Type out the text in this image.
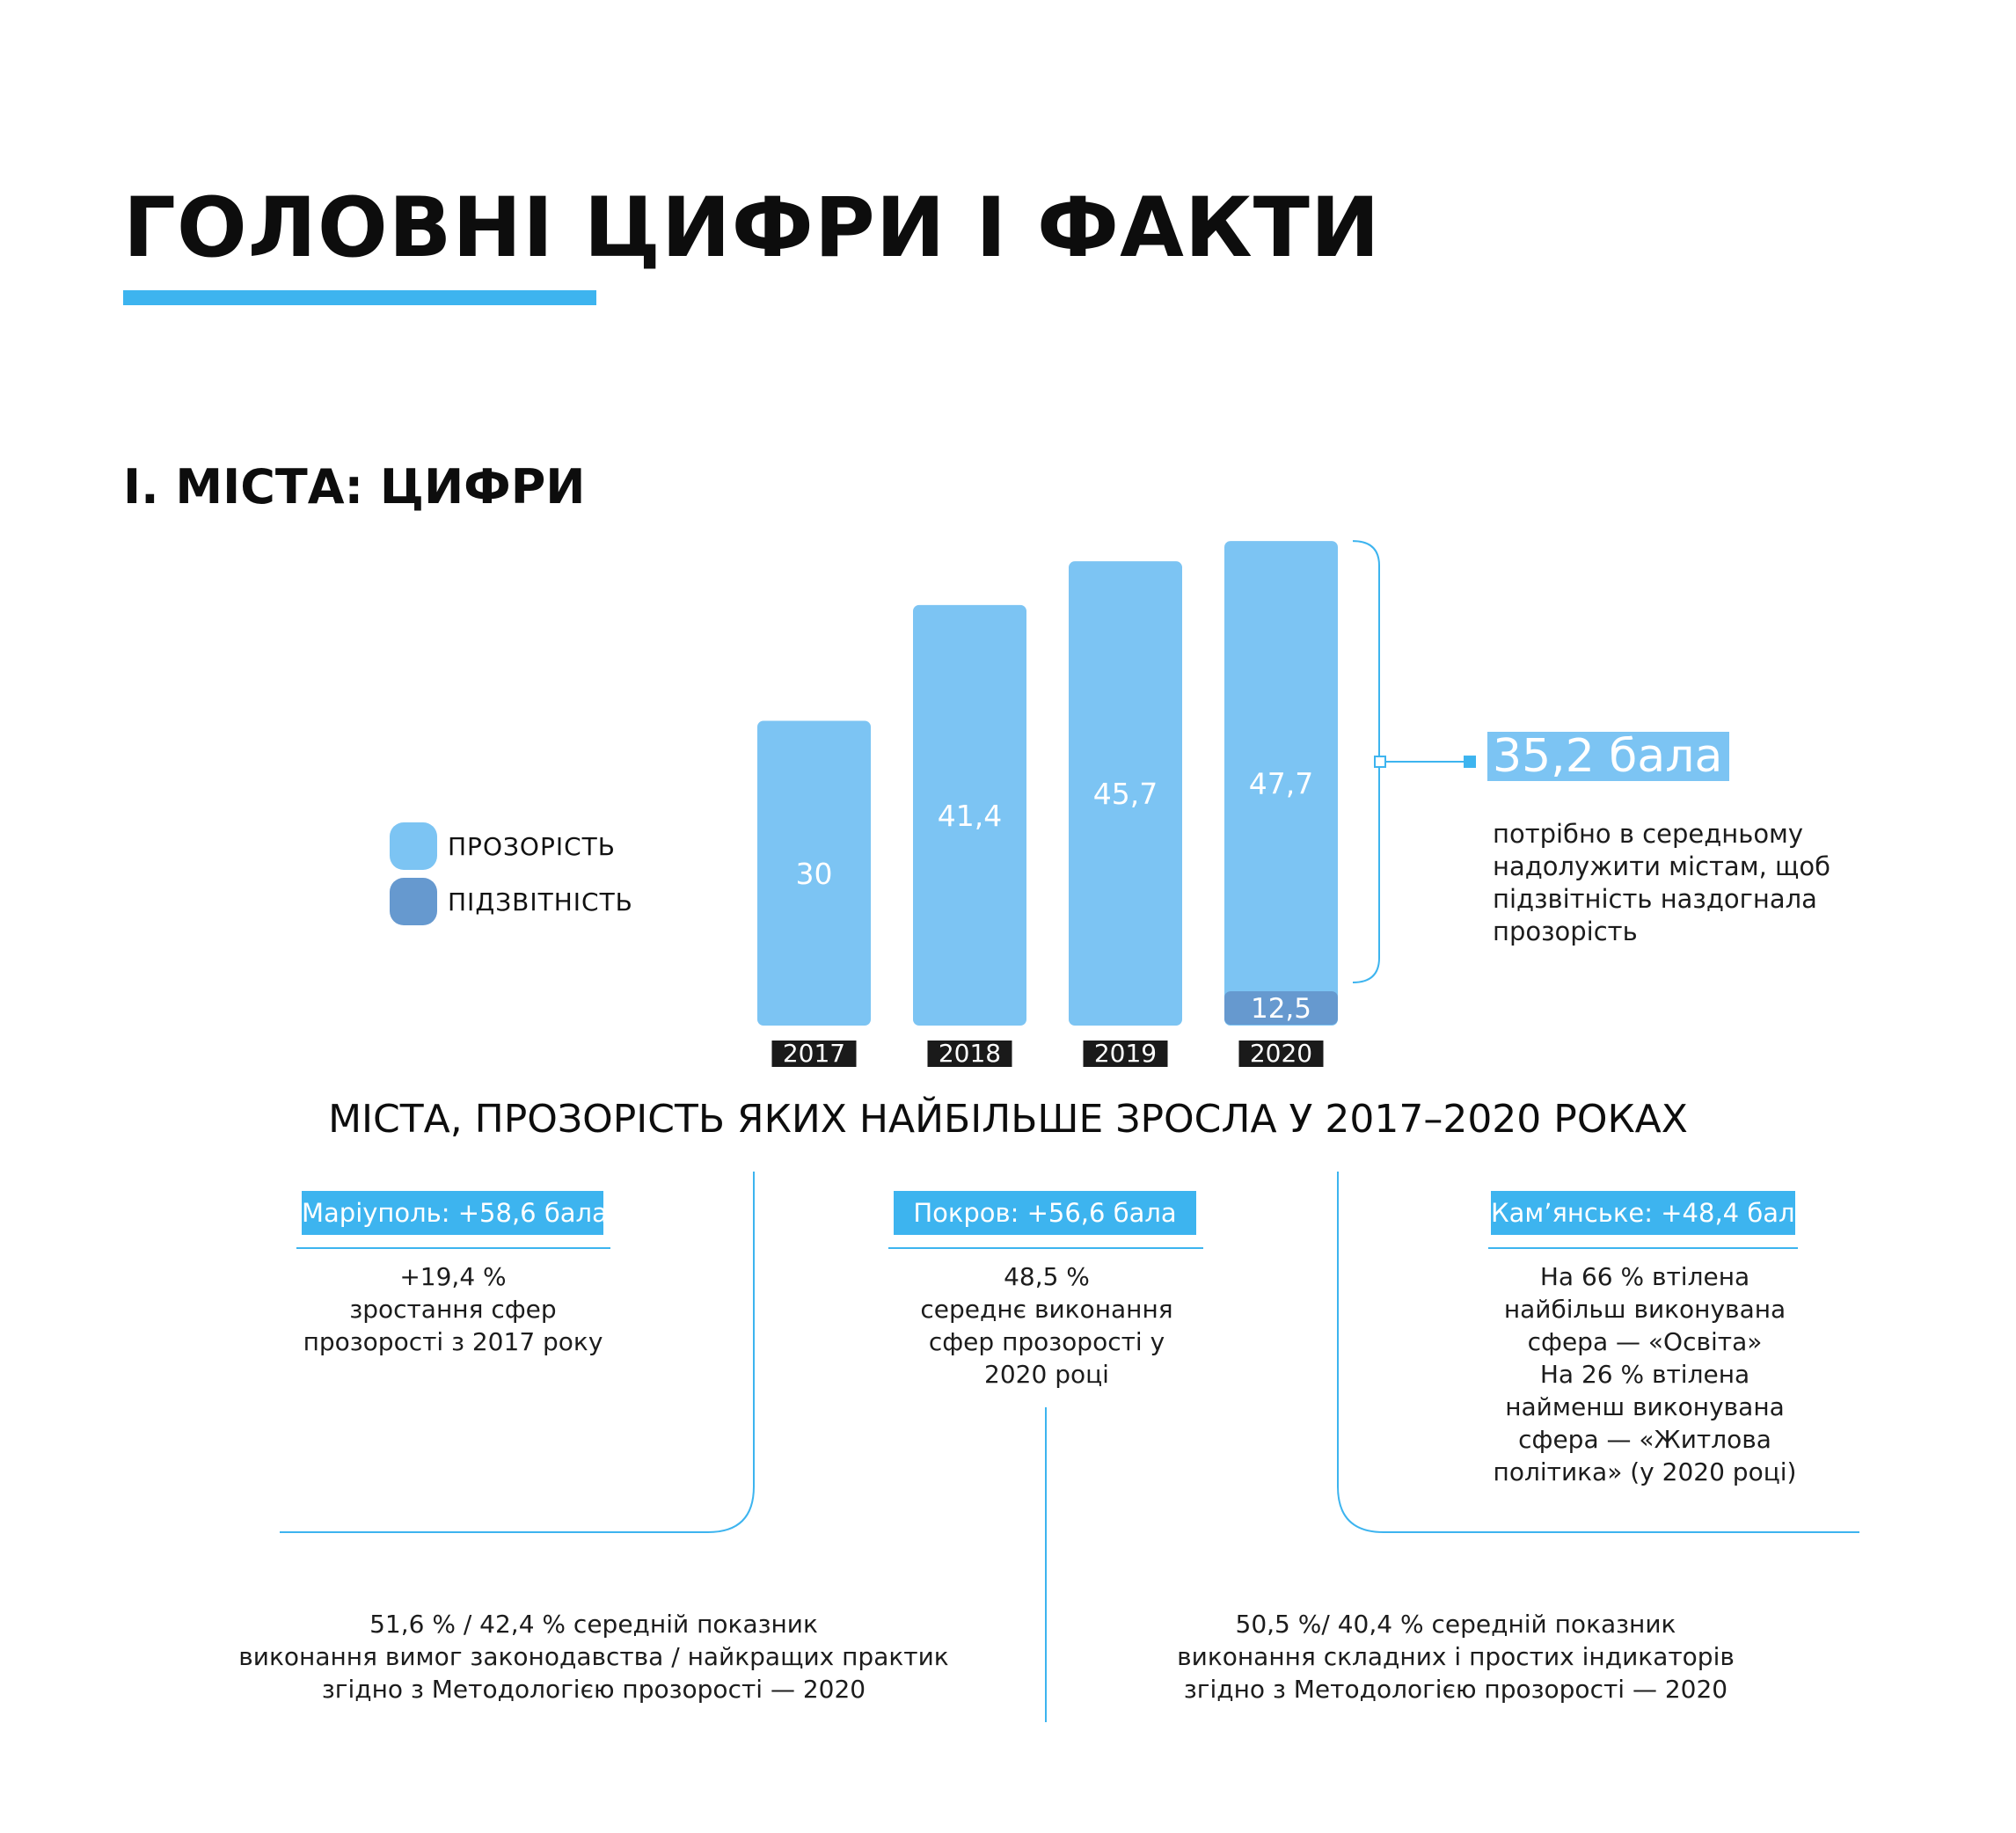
ГОЛОВНІ ЦИФРИ І ФАКТИ
І. МІСТА: ЦИФРИ
ПРОЗОРІСТЬ
ПІДЗВІТНІСТЬ
30
2017
41,4
2018
45,7
2019
47,7
2020
12,5
35,2 бала
потрібно в середньому надолужити містам, щоб підзвітність наздогнала прозорість
МІСТА, ПРОЗОРІСТЬ ЯКИХ НАЙБІЛЬШЕ ЗРОСЛА У 2017–2020 РОКАХ
Маріуполь: +58,6 бала
+19,4 %
зростання сфер
прозорості з 2017 року
Покров: +56,6 бала
48,5 %
середнє виконання
сфер прозорості у
2020 році
Кам’янське: +48,4 бала
На 66 % втілена
найбільш виконувана
сфера — «Освіта»
На 26 % втілена
найменш виконувана
сфера — «Житлова
політика» (у 2020 році)
51,6 % / 42,4 % середній показник
виконання вимог законодавства / найкращих практик
згідно з Методологією прозорості — 2020
50,5 %/ 40,4 % середній показник
виконання складних і простих індикаторів
згідно з Методологією прозорості — 2020
